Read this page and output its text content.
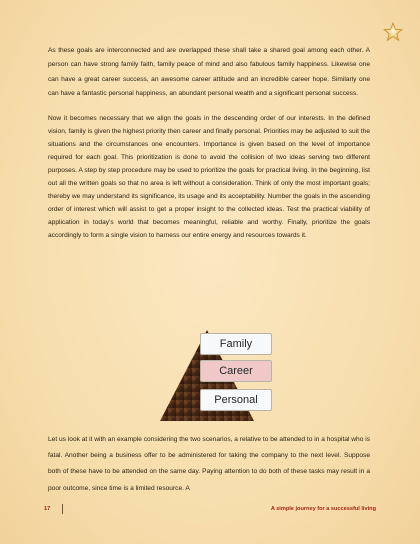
As these goals are interconnected and are overlapped these shall take a shared goal among each other. A person can have strong family faith, family peace of mind and also fabulous family happiness. Likewise one can have a great career success, an awesome career attitude and an incredible career hope. Similarly one can have a fantastic personal happiness, an abundant personal wealth and a significant personal success.

Now it becomes necessary that we align the goals in the descending order of our interests. In the defined vision, family is given the highest priority then career and finally personal. Priorities may be adjusted to suit the situations and the circumstances one encounters. Importance is given based on the level of importance required for each goal. This prioritization is done to avoid the collision of two ideas serving two different purposes. A step by step procedure may be used to prioritize the goals for practical living. In the beginning, list out all the written goals so that no area is left without a consideration. Think of only the most important goals; thereby we may understand its significance, its usage and its acceptability. Number the goals in the ascending order of interest which will assist to get a proper insight to the collected ideas. Test the practical viability of application in today’s world that becomes meaningful, reliable and worthy. Finally, prioritize the goals accordingly to form a single vision to harness our entire energy and resources towards it.

Family
Career
Personal

Let us look at it with an example considering the two scenarios, a relative to be attended to in a hospital who is fatal. Another being a business offer to be administered for taking the company to the next level. Suppose both of these have to be attended on the same day. Paying attention to do both of these tasks may result in a poor outcome, since time is a limited resource. A

17	A simple journey for a successful living
